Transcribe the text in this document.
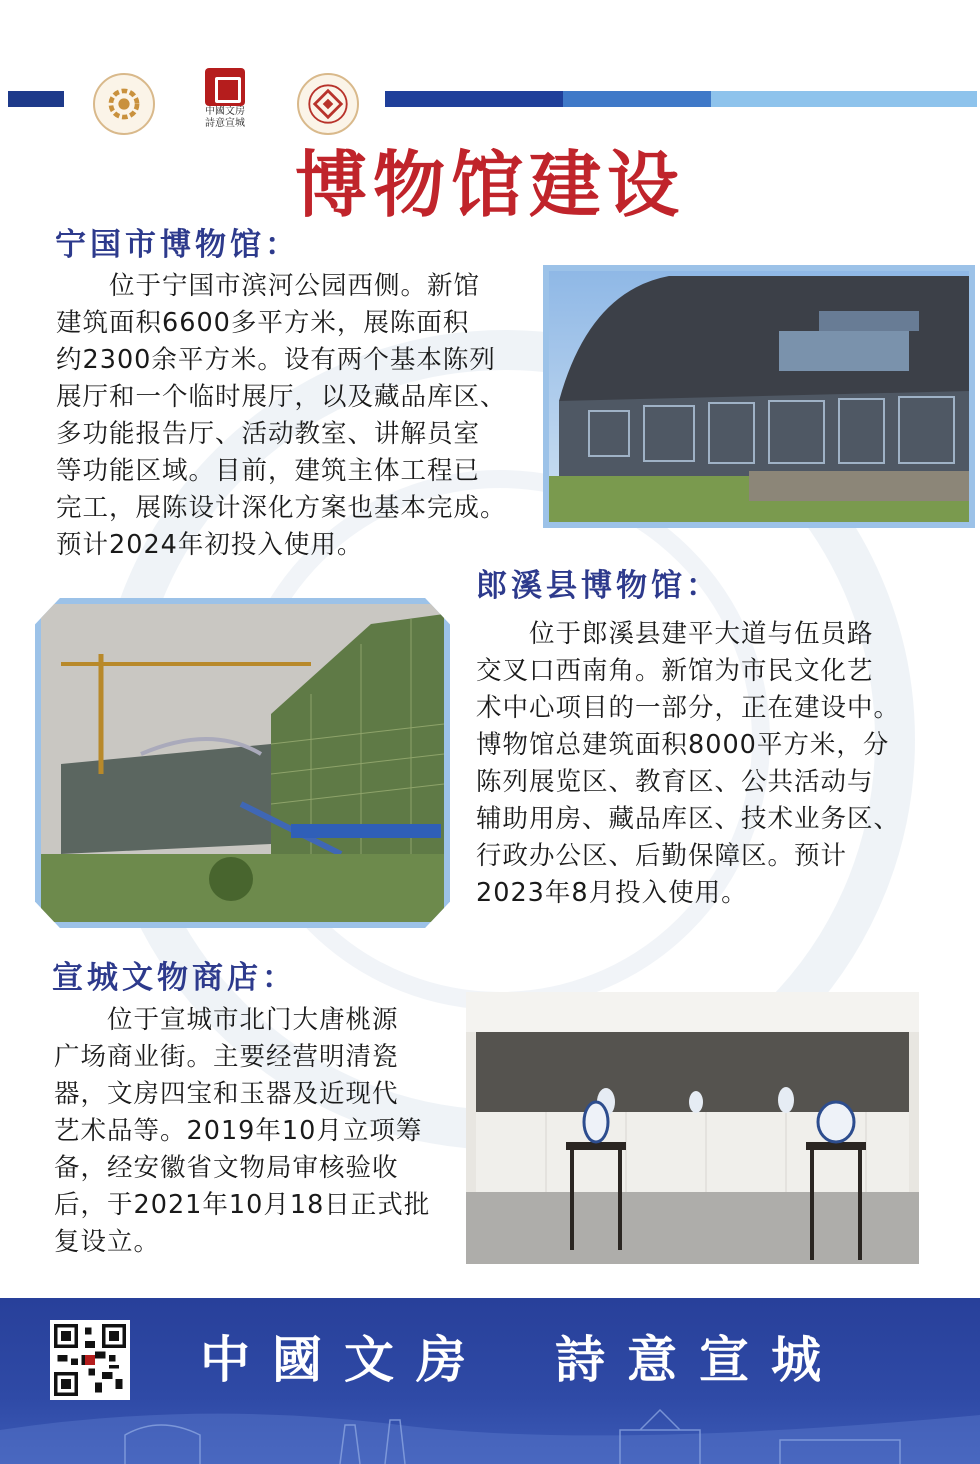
中國文房
詩意宣城
博物馆建设
宁国市博物馆：
　　位于宁国市滨河公园西侧。新馆
建筑面积6600多平方米，展陈面积
约2300余平方米。设有两个基本陈列
展厅和一个临时展厅，以及藏品库区、
多功能报告厅、活动教室、讲解员室
等功能区域。目前，建筑主体工程已
完工，展陈设计深化方案也基本完成。
预计2024年初投入使用。
郎溪县博物馆：
　　位于郎溪县建平大道与伍员路
交叉口西南角。新馆为市民文化艺
术中心项目的一部分，正在建设中。
博物馆总建筑面积8000平方米，分
陈列展览区、教育区、公共活动与
辅助用房、藏品库区、技术业务区、
行政办公区、后勤保障区。预计
2023年8月投入使用。
宣城文物商店：
　　位于宣城市北门大唐桃源
广场商业街。主要经营明清瓷
器，文房四宝和玉器及近现代
艺术品等。2019年10月立项筹
备，经安徽省文物局审核验收
后，于2021年10月18日正式批
复设立。
中國文房 詩意宣城
